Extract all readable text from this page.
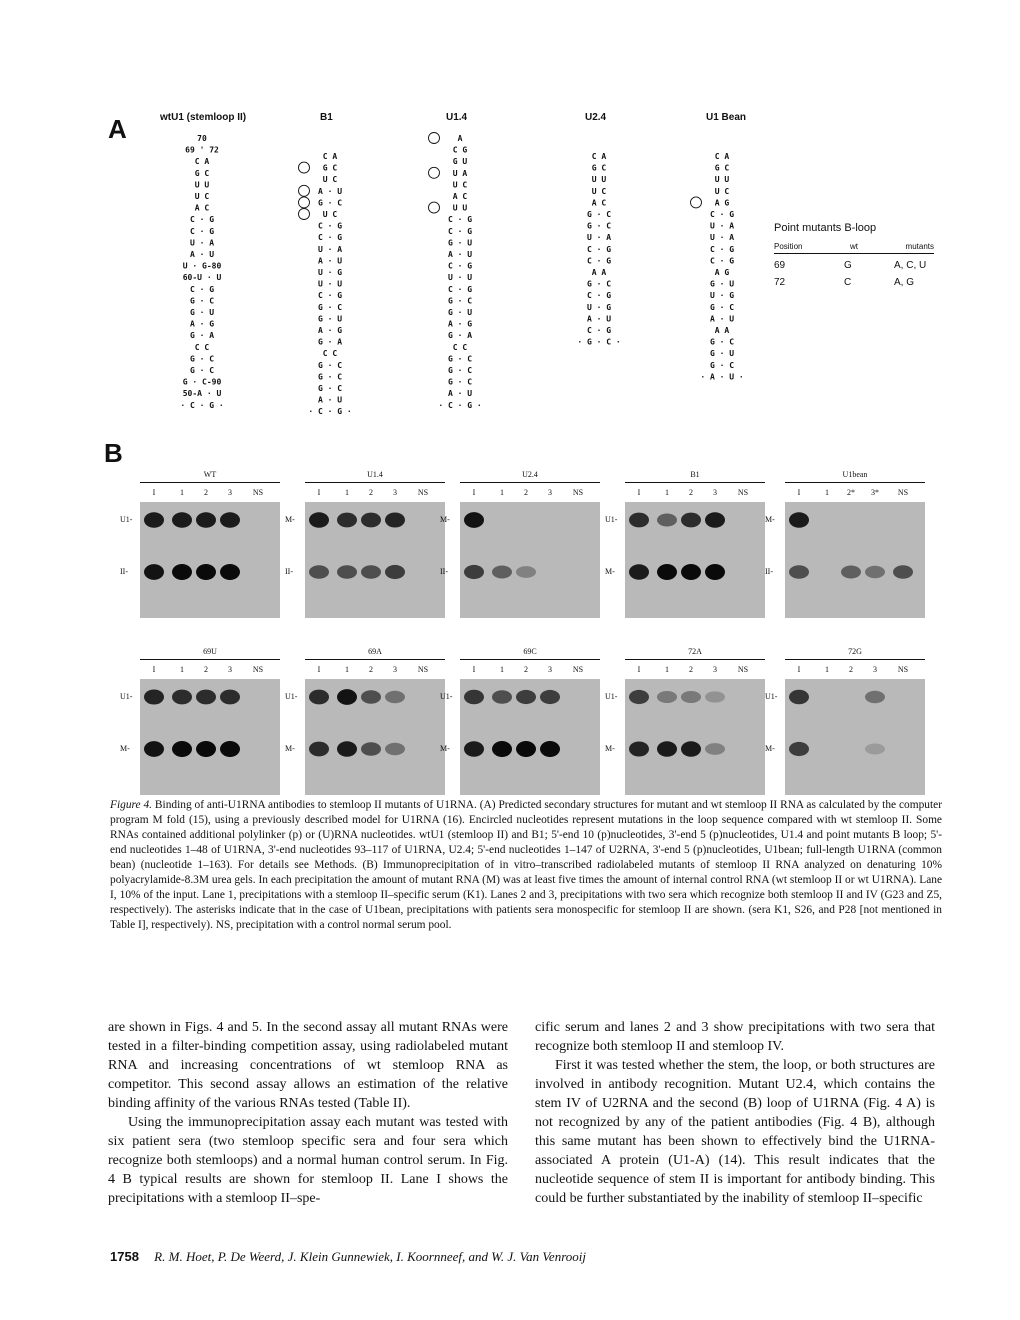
A
B
wtU1 (stemloop II)
70
69 ' 72
C A
G C
U U
U C
A C
C · G
C · G
U · A
A · U
U · G-80
60-U · U
C · G
G · C
G · U
A · G
G · A
C C
G · C
G · C
G · C-90
50-A · U
· C · G ·
B1
C A
G C
U C
A · U
G · C
U C
C · G
C · G
U · A
A · U
U · G
U · U
C · G
G · C
G · U
A · G
G · A
C C
G · C
G · C
G · C
A · U
· C · G ·
U1.4
A
C G
G U
U A
U C
A C
U U
C · G
C · G
G · U
A · U
C · G
U · U
C · G
G · C
G · U
A · G
G · A
C C
G · C
G · C
G · C
A · U
· C · G ·
U2.4
C A
G C
U U
U C
A C
G · C
G · C
U · A
C · G
C · G
A A
G · C
C · G
U · G
A · U
C · G
· G · C ·
U1 Bean
C A
G C
U U
U C
A G
C · G
U · A
U · A
C · G
C · G
A G
G · U
U · G
G · C
A · U
A A
G · C
G · U
G · C
· A · U ·
Point mutants B-loop
Position	wt	mutants
69	G	A, C, U
72	C	A, G
WT
I	1	2	3	NS
U1-
II-
U1.4
I	1	2	3	NS
M-
II-
U2.4
I	1	2	3	NS
M-
II-
B1
I	1	2	3	NS
U1-
M-
U1bean
I	1	2*	3*	NS
M-
II-
69U
I	1	2	3	NS
U1-
M-
69A
I	1	2	3	NS
U1-
M-
69C
I	1	2	3	NS
U1-
M-
72A
I	1	2	3	NS
U1-
M-
72G
I	1	2	3	NS
U1-
M-
Figure 4. Binding of anti-U1RNA antibodies to stemloop II mutants of U1RNA. (A) Predicted secondary structures for mutant and wt stemloop II RNA as calculated by the computer program M fold (15), using a previously described model for U1RNA (16). Encircled nucleotides represent mutations in the loop sequence compared with wt stemloop II. Some RNAs contained additional polylinker (p) or (U)RNA nucleotides. wtU1 (stemloop II) and B1; 5'-end 10 (p)nucleotides, 3'-end 5 (p)nucleotides, U1.4 and point mutants B loop; 5'-end nucleotides 1–48 of U1RNA, 3'-end nucleotides 93–117 of U1RNA, U2.4; 5'-end nucleotides 1–147 of U2RNA, 3'-end 5 (p)nucleotides, U1bean; full-length U1RNA (common bean) (nucleotide 1–163). For details see Methods. (B) Immunoprecipitation of in vitro–transcribed radiolabeled mutants of stemloop II RNA analyzed on denaturing 10% polyacrylamide-8.3M urea gels. In each precipitation the amount of mutant RNA (M) was at least five times the amount of internal control RNA (wt stemloop II or wt U1RNA). Lane I, 10% of the input. Lane 1, precipitations with a stemloop II–specific serum (K1). Lanes 2 and 3, precipitations with two sera which recognize both stemloop II and IV (G23 and Z5, respectively). The asterisks indicate that in the case of U1bean, precipitations with patients sera monospecific for stemloop II are shown. (sera K1, S26, and P28 [not mentioned in Table I], respectively). NS, precipitation with a control normal serum pool.

are shown in Figs. 4 and 5. In the second assay all mutant RNAs were tested in a filter-binding competition assay, using radiolabeled mutant RNA and increasing concentrations of wt stemloop RNA as competitor. This second assay allows an estimation of the relative binding affinity of the various RNAs tested (Table II).

Using the immunoprecipitation assay each mutant was tested with six patient sera (two stemloop specific sera and four sera which recognize both stemloops) and a normal human control serum. In Fig. 4 B typical results are shown for stemloop II. Lane I shows the precipitations with a stemloop II–spe-

cific serum and lanes 2 and 3 show precipitations with two sera that recognize both stemloop II and stemloop IV.

First it was tested whether the stem, the loop, or both structures are involved in antibody recognition. Mutant U2.4, which contains the stem IV of U2RNA and the second (B) loop of U1RNA (Fig. 4 A) is not recognized by any of the patient antibodies (Fig. 4 B), although this same mutant has been shown to effectively bind the U1RNA-associated A protein (U1-A) (14). This result indicates that the nucleotide sequence of stem II is important for antibody binding. This could be further substantiated by the inability of stemloop II–specific

1758 R. M. Hoet, P. De Weerd, J. Klein Gunnewiek, I. Koornneef, and W. J. Van Venrooij
